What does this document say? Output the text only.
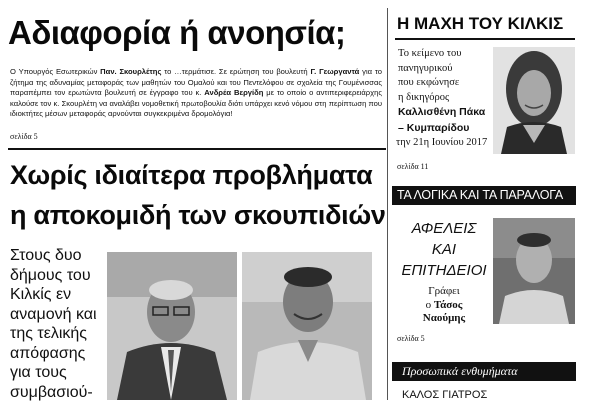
Αδιαφορία ή ανοησία;
Ο Υπουργός Εσωτερικών Παν. Σκουρλέτης το …τερμάτισε. Σε ερώτηση του βουλευτή Γ. Γεωργαντά για το ζήτημα της αδυναμίας μεταφοράς των μαθητών του Ομαλού και του Πεντελόφου σε σχολεία της Γουμένισσας παραπέμπει τον ερωτώντα βουλευτή σε έγγραφο του κ. Ανδρέα Βεργίδη με το οποίο ο αντιπεριφερειάρχης καλούσε τον κ. Σκουρλέτη να αναλάβει νομοθετική πρωτοβουλία διότι υπάρχει κενό νόμου στη περίπτωση που ιδιοκτήτες μέσων μεταφοράς αρνούνται συγκεκριμένα δρομολόγια!
σελίδα 5
Χωρίς ιδιαίτερα προβλήματα
η αποκομιδή των σκουπιδιών
Στους δυο
δήμους του
Κιλκίς εν
αναμονή και
της τελικής
απόφασης
για τους
συμβασιού-
Η ΜΑΧΗ ΤΟΥ ΚΙΛΚΙΣ
Το κείμενο του
πανηγυρικού
που εκφώνησε
η δικηγόρος
Καλλισθένη Πάκα
– Κυμπαρίδου
την 21η Ιουνίου 2017
σελίδα 11
ΤΑ ΛΟΓΙΚΑ ΚΑΙ ΤΑ ΠΑΡΑΛΟΓΑ
ΑΦΕΛΕΙΣ
ΚΑΙ
ΕΠΙΤΗΔΕΙΟΙ
Γράφει
ο Τάσος
Ναούμης
σελίδα 5
Προσωπικά ενθυμήματα
ΚΑΛΟΣ ΓΙΑΤΡΟΣ
